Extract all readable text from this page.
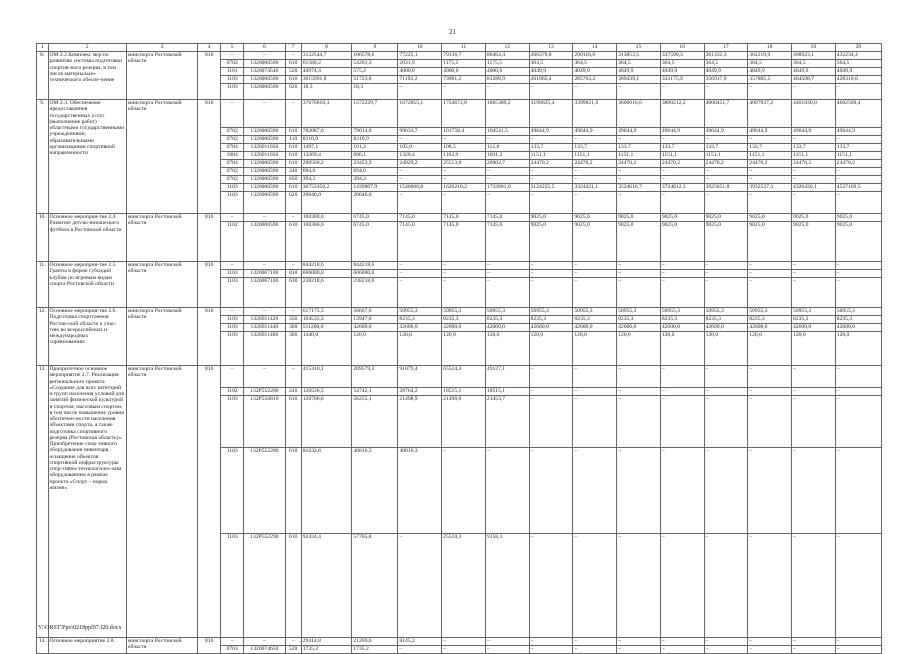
21
1	2	3	4	5	6	7	8	9	10	11	12	13	14	15	16	17	18	19	20
8.	ОМ 2.2.Комплекс мер по развитию системы подготовки спортив-ного резерва, в том числе материально-технического обеспе-чение	минспорта Ростовской области	816	–	–	–	3122544,7	106578,6	77225,1	79136,7	86464,4	266379,8	290116,6	313853,5	337590,3	361332,3	362219,9	408923,1	432234,4
				0702	1320000590	610	61580,2	54261,3	2031,9	1175,5	1175,5	364,5	364,5	364,5	364,5	364,5	364,5	364,5	364,5
				1101	1320074540	520	44974,4	575,2	4000,0	4000,0	4000,0	4049,9	4049,9	4049,9	4049,9	4049,9	4049,9	4049,9	4049,9
				1103	1320000590	610	3015991,8	51723,8	71193,2	73961,2	81288,9	261965,4	285702,2	309439,1	333175,9	356917,9	357805,5	404508,7	428310,0
				1103	1320000590	620	18,3	18,3	–	–	–	–	–	–	–	–	–	–	–
9.	ОМ 2.3. Обеспечение предоставления государственных услуг (выполнение работ) областными государственными учреждениями, образовательными организациями спортивной направленности	минспорта Ростовской области	816	–	–	–	37676810,3	1572229,7	1672055,1	1754672,8	1865389,2	3199625,4	3399821,0	3600016,6	3800212,2	4000451,7	4007937,2	4401830,0	4602569,4
				0702	1320000590	610	782087,6	79014,8	99633,7	101758,4	104541,5	49644,9	49644,9	49644,9	49644,9	49644,9	49644,9	49644,9	49644,9
				0702	1320000590	110	8310,9	8310,9	–	–	–	–	–	–	–	–	–	–	–
				0704	1320011050	610	1497,1	101,2	105,0	108,5	112,8	133,7	133,7	133,7	133,7	133,7	133,7	133,7	133,7
				1004	1320011050	610	13269,4	606,1	1320,4	1102,9	1031,2	1151,1	1151,1	1151,1	1151,1	1151,1	1151,1	1151,1	1151,1
				0704	1320000590	610	296560,2	23453,9	24929,2	25513,8	26902,7	24470,2	24470,2	24470,2	24470,2	24470,2	24470,2	24470,2	24470,2
				0702	1320000590	240	694,6	694,6	–	–	–	–	–	–	–	–	–	–	–
				0702	1320000590	850	394,3	394,3	–	–	–	–	–	–	–	–	–	–	–
				1103	1320000590	610	36753350,2	1439007,9	1546066,8	1626210,2	1732801,0	3124225,5	3324421,1	3524616,7	3724812,3	3925051,8	3932537,3	4326430,1	4527169,5
				1103	1320000590	620	20646,0	20646,0	–	–	–	–	–	–	–	–	–	–	–
10.	Основное мероприя-тие 2.4. Развитие детско-юношеского футбола в Ростовской области	минспорта Ростовской области	816	–	–	–	100380,0	6745,0	7145,0	7145,0	7145,0	9025,0	9025,0	9025,0	9025,0	9025,0	9025,0	9025,0	9025,0
				1102	1320000590	610	100380,0	6745,0	7145,0	7145,0	7145,0	9025,0	9025,0	9025,0	9025,0	9025,0	9025,0	9025,0	9025,0
11.	Основное мероприя-тие 2.5. Гранты в форме субсидий клубам по игровым видам спорта Ростовской области	минспорта Ростовской области	816	–	–	–	844218,6	844218,6	–	–	–	–	–	–	–	–	–	–	–
				1103	1320067100	810	606000,0	606000,0	–	–	–	–	–	–	–	–	–	–	–
				1103	1320067100	630	238218,6	238218,6	–	–	–	–	–	–	–	–	–	–	–
12.	Основное мероприя-тие 2.6. Подготовка спортсменов Ростов-ской области к учас-тию во всероссийских и международных соревнованиях	минспорта Ростовской области	816	–	–	–	617175,3	56667,0	50955,3	50955,3	50955,3	50955,3	50955,3	50955,3	50955,3	50955,3	50955,3	50955,3	50955,3
				1103	1320011420	350	104535,3	13947,0	8235,3	8235,3	8235,3	8235,3	8235,3	8235,3	8235,3	8235,3	8235,3	8235,3	8235,3
				1103	1320011440	360	511200,0	42600,0	42600,0	42600,0	42600,0	42600,0	42600,0	42600,0	42600,0	42600,0	42600,0	42600,0	42600,0
				1103	1320011480	360	1440,0	120,0	120,0	120,0	120,0	120,0	120,0	120,0	120,0	120,0	120,0	120,0	120,0
13.	Приоритетное основное мероприятие 2.7. Реализация регионального проекта «Создание для всех категорий и групп населения условий для занятий физической культурой и спортом, массовым спортом, в том числе повышение уровня обеспечен-ности населения объектами спорта, а также подготовка спортивного резерва (Ростовская область)». Приобретение спор-тивного оборудования инвентаря, оснащение объектов спортивной инфраструктуры спор-тивно-технологичес-ким оборудованием в рамках проекта «Спорт – норма жизни»	минспорта Ростовской области	816	–	–	–	415310,1	209579,3	91079,4	65524,3	49127,1	–	–	–	–	–	–	–	–
				1102	132P552280	240	120536,5	54742,1	28764,2	18515,1	18515,1	–	–	–	–	–	–	–	–
				1103	132P550810	610	120706,6	56255,1	21498,9	21498,9	21453,7	–	–	–	–	–	–	–	–
				1103	132P552280	610	81632,6	40816,3	40816,3	–	–	–	–	–	–	–	–	–	–
				1103	132P552290	610	92434,4	57765,8	–	25510,3	9158,3	–	–	–	–	–	–	–	–
14.	Основное мероприятие 2.8.	минспорта Ростовской области	816	–	–	–	29414,8	21269,6	8145,2	–	–	–	–	–	–	–	–	–	–
				0703	1320074650	520	1735,2	1735,2	–	–	–	–	–	–	–	–	–	–	–
Y:\ORST\Ppo\0218ppl97.f20.docx
